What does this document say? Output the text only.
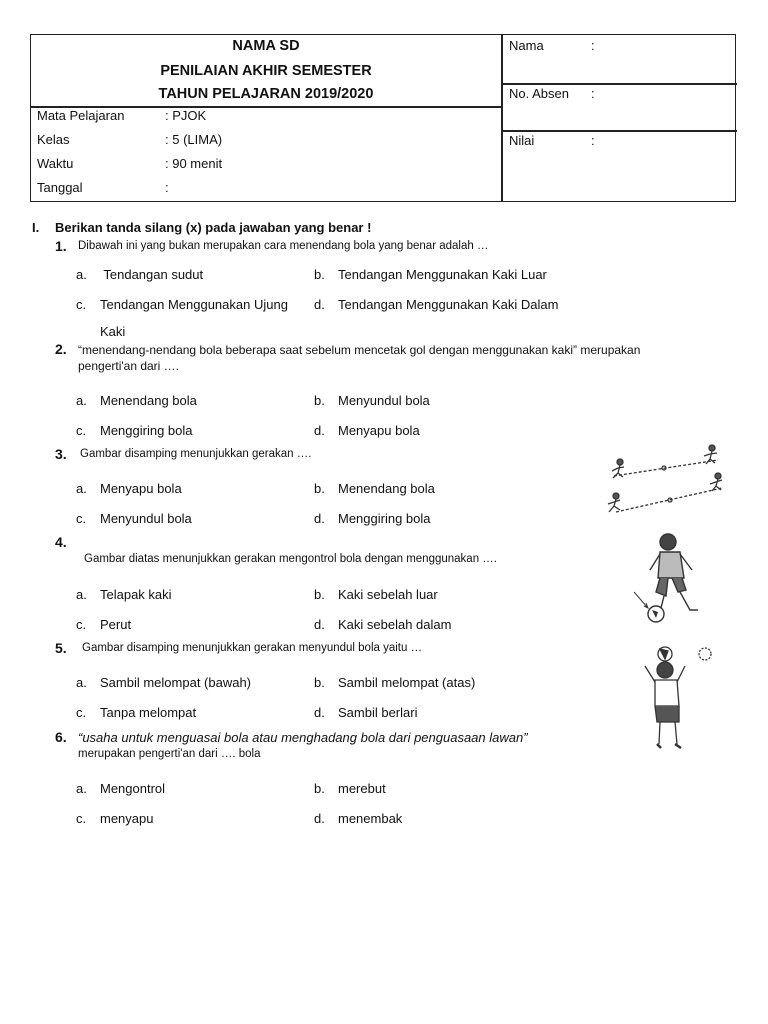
NAMA SD
PENILAIAN AKHIR SEMESTER
TAHUN PELAJARAN 2019/2020
Mata Pelajaran	: PJOK
Kelas	: 5 (LIMA)
Waktu	: 90 menit
Tanggal	:
Nama	:
No. Absen :
Nilai	:
I. Berikan tanda silang (x) pada jawaban yang benar !
1. Dibawah ini yang bukan merupakan cara menendang bola yang benar adalah …
a. Tendangan sudut	b. Tendangan Menggunakan Kaki Luar
c. Tendangan Menggunakan Ujung d. Tendangan Menggunakan Kaki Dalam
Kaki
2. “menendang-nendang bola beberapa saat sebelum mencetak gol dengan menggunakan kaki” merupakan
pengerti'an dari ….
a. Menendang bola	b. Menyundul bola
c. Menggiring bola	d. Menyapu bola
3. Gambar disamping menunjukkan gerakan ….
a. Menyapu bola	b. Menendang bola
c. Menyundul bola	d. Menggiring bola
4.
Gambar diatas menunjukkan gerakan mengontrol bola dengan menggunakan ….
a. Telapak kaki	b. Kaki sebelah luar
c. Perut	d. Kaki sebelah dalam
5. Gambar disamping menunjukkan gerakan menyundul bola yaitu …
a. Sambil melompat (bawah)	b. Sambil melompat (atas)
c. Tanpa melompat	d. Sambil berlari
6. “usaha untuk menguasai bola atau menghadang bola dari penguasaan lawan”
merupakan pengerti'an dari …. bola
a. Mengontrol	b. merebut
c. menyapu	d. menembak
